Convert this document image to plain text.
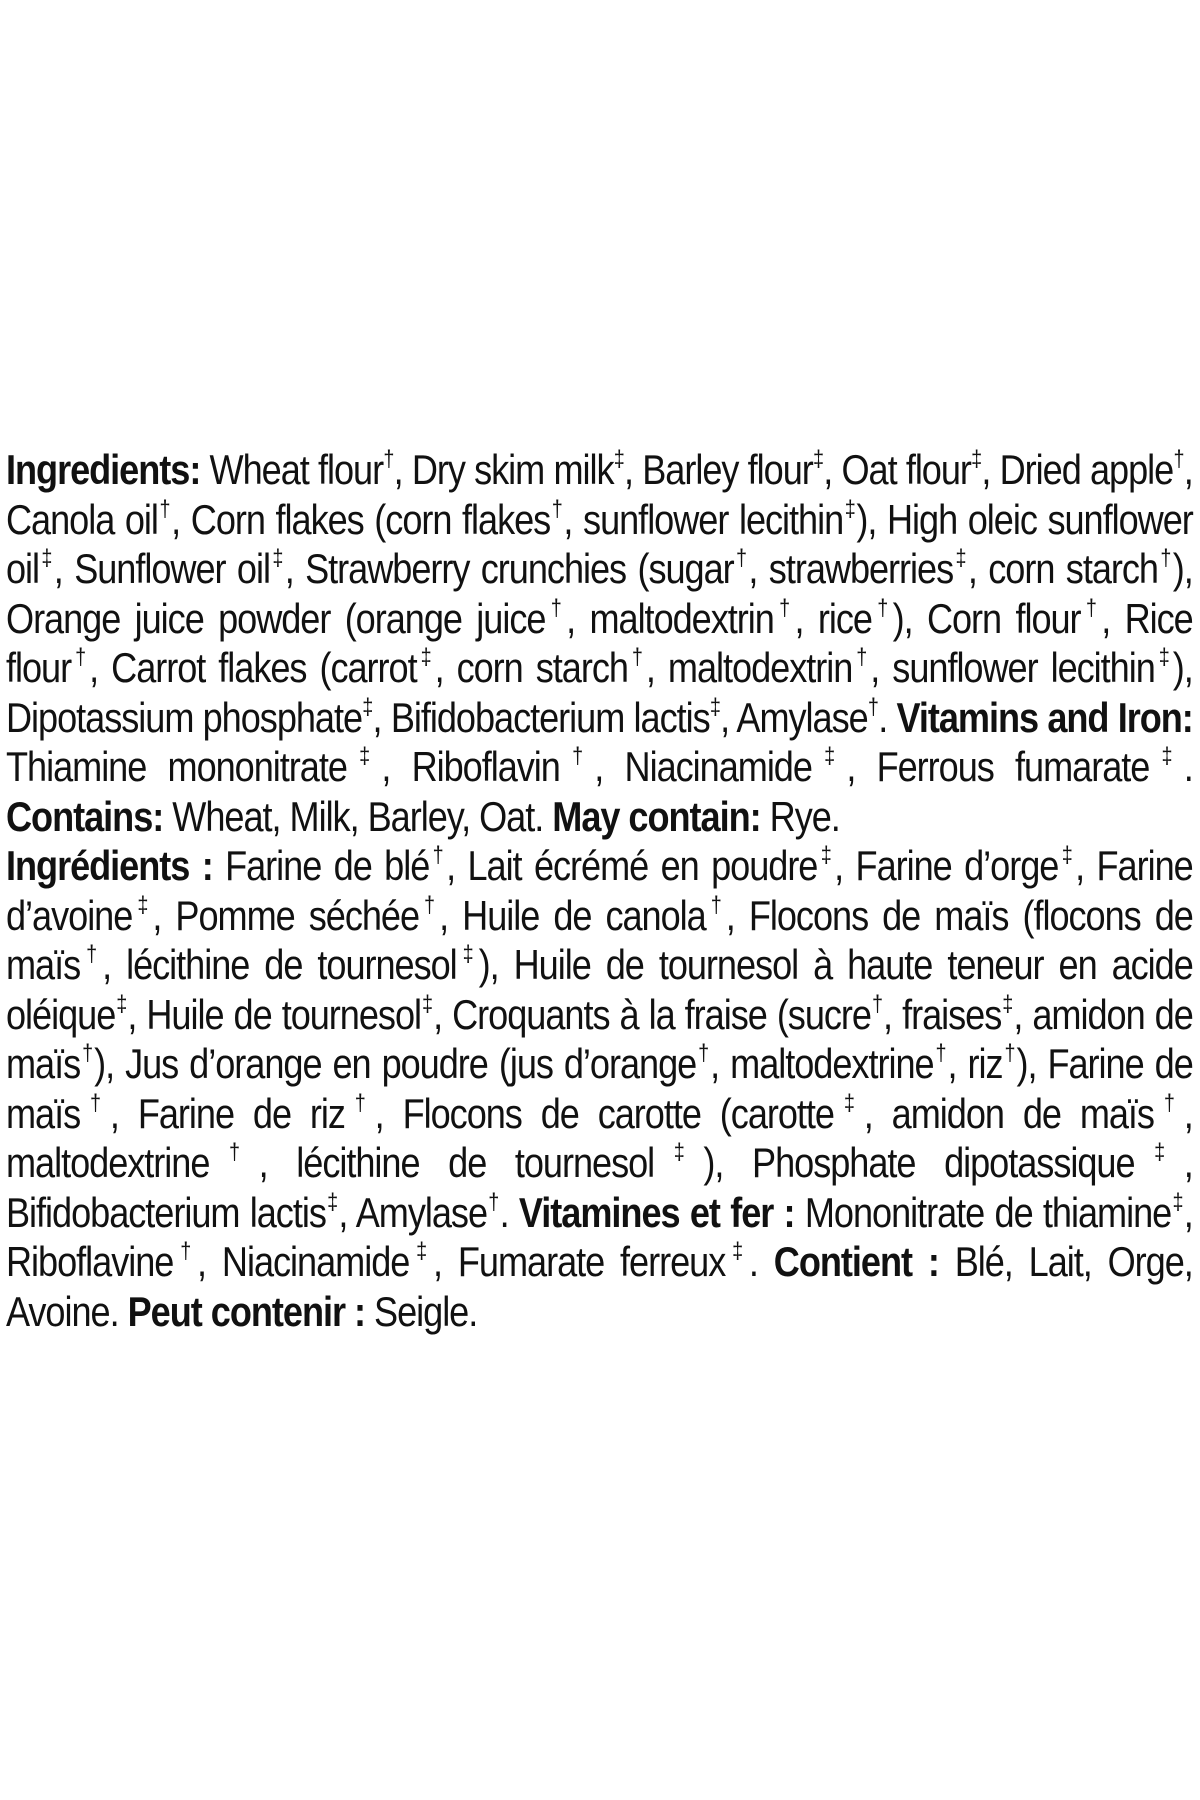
Ingredients: Wheat flour†, Dry skim milk‡, Barley flour‡, Oat flour‡, Dried apple†, Canola oil†, Corn flakes (corn flakes†, sunflower lecithin‡), High oleic sunflower oil‡, Sunflower oil‡, Strawberry crunchies (sugar†, strawberries‡, corn starch†), Orange juice powder (orange juice†, maltodextrin†, rice†), Corn flour†, Rice flour†, Carrot flakes (carrot‡, corn starch†, maltodextrin†, sunflower lecithin‡), Dipotassium phosphate‡, Bifidobacterium lactis‡, Amylase†. Vitamins and Iron: Thiamine mononitrate‡, Riboflavin†, Niacinamide‡, Ferrous fumarate‡. Contains: Wheat, Milk, Barley, Oat. May contain: Rye.

Ingrédients : Farine de blé†, Lait écrémé en poudre‡, Farine d’orge‡, Farine d’avoine‡, Pomme séchée†, Huile de canola†, Flocons de maïs (flocons de maïs†, lécithine de tournesol‡), Huile de tournesol à haute teneur en acide oléique‡, Huile de tournesol‡, Croquants à la fraise (sucre†, fraises‡, amidon de maïs†), Jus d’orange en poudre (jus d’orange†, maltodextrine†, riz†), Farine de maïs†, Farine de riz†, Flocons de carotte (carotte‡, amidon de maïs†, maltodextrine†, lécithine de tournesol‡), Phosphate dipotassique‡, Bifidobacterium lactis‡, Amylase†. Vitamines et fer : Mononitrate de thiamine‡, Riboflavine†, Niacinamide‡, Fumarate ferreux‡. Contient : Blé, Lait, Orge, Avoine. Peut contenir : Seigle.
